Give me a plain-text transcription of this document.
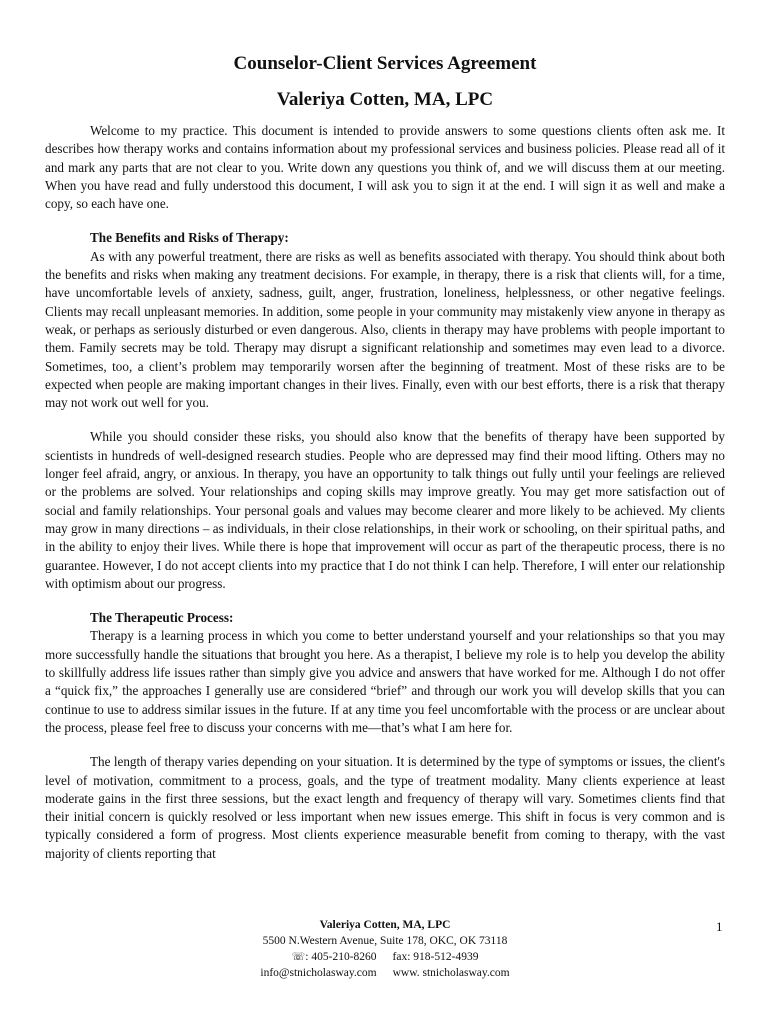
Counselor-Client Services Agreement
Valeriya Cotten, MA, LPC

Welcome to my practice. This document is intended to provide answers to some questions clients often ask me. It describes how therapy works and contains information about my professional services and business policies. Please read all of it and mark any parts that are not clear to you. Write down any questions you think of, and we will discuss them at our meeting. When you have read and fully understood this document, I will ask you to sign it at the end. I will sign it as well and make a copy, so each have one.

The Benefits and Risks of Therapy:

As with any powerful treatment, there are risks as well as benefits associated with therapy. You should think about both the benefits and risks when making any treatment decisions. For example, in therapy, there is a risk that clients will, for a time, have uncomfortable levels of anxiety, sadness, guilt, anger, frustration, loneliness, helplessness, or other negative feelings. Clients may recall unpleasant memories. In addition, some people in your community may mistakenly view anyone in therapy as weak, or perhaps as seriously disturbed or even dangerous. Also, clients in therapy may have problems with people important to them. Family secrets may be told. Therapy may disrupt a significant relationship and sometimes may even lead to a divorce. Sometimes, too, a client’s problem may temporarily worsen after the beginning of treatment. Most of these risks are to be expected when people are making important changes in their lives. Finally, even with our best efforts, there is a risk that therapy may not work out well for you.

While you should consider these risks, you should also know that the benefits of therapy have been supported by scientists in hundreds of well-designed research studies. People who are depressed may find their mood lifting. Others may no longer feel afraid, angry, or anxious. In therapy, you have an opportunity to talk things out fully until your feelings are relieved or the problems are solved. Your relationships and coping skills may improve greatly. You may get more satisfaction out of social and family relationships. Your personal goals and values may become clearer and more likely to be achieved. My clients may grow in many directions – as individuals, in their close relationships, in their work or schooling, on their spiritual paths, and in the ability to enjoy their lives. While there is hope that improvement will occur as part of the therapeutic process, there is no guarantee. However, I do not accept clients into my practice that I do not think I can help. Therefore, I will enter our relationship with optimism about our progress.

The Therapeutic Process:

Therapy is a learning process in which you come to better understand yourself and your relationships so that you may more successfully handle the situations that brought you here. As a therapist, I believe my role is to help you develop the ability to skillfully address life issues rather than simply give you advice and answers that have worked for me. Although I do not offer a “quick fix,” the approaches I generally use are considered “brief” and through our work you will develop skills that you can continue to use to address similar issues in the future. If at any time you feel uncomfortable with the process or are unclear about the process, please feel free to discuss your concerns with me—that’s what I am here for.

The length of therapy varies depending on your situation. It is determined by the type of symptoms or issues, the client's level of motivation, commitment to a process, goals, and the type of treatment modality. Many clients experience at least moderate gains in the first three sessions, but the exact length and frequency of therapy will vary. Sometimes clients find that their initial concern is quickly resolved or less important when new issues emerge. This shift in focus is very common and is typically considered a form of progress. Most clients experience measurable benefit from coming to therapy, with the vast majority of clients reporting that

Valeriya Cotten, MA, LPC
5500 N.Western Avenue, Suite 178, OKC, OK 73118
☏: 405-210-8260 fax: 918-512-4939
info@stnicholasway.com www. stnicholasway.com
1
